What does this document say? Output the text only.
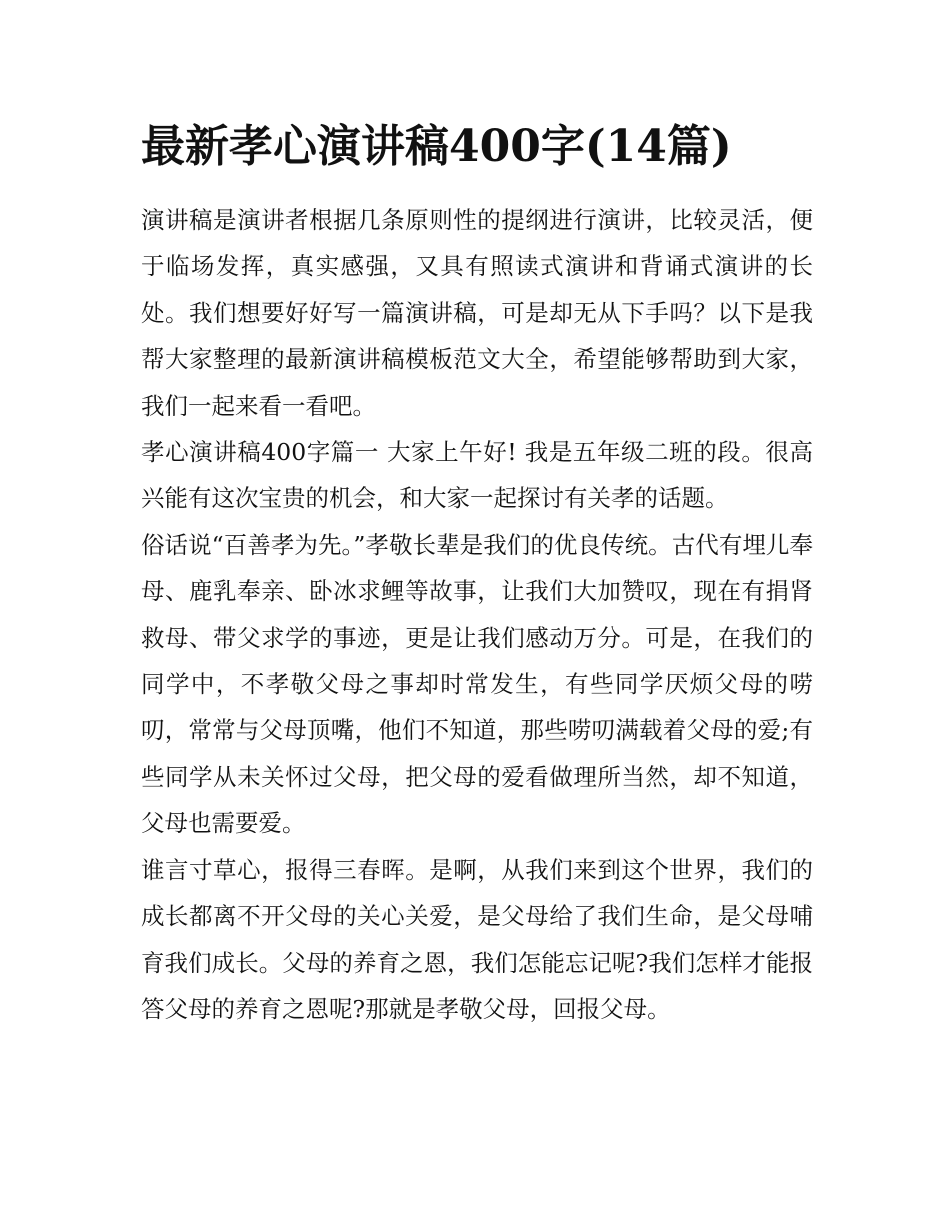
最新孝心演讲稿400字(14篇)

演讲稿是演讲者根据几条原则性的提纲进行演讲，比较灵活，便于临场发挥，真实感强，又具有照读式演讲和背诵式演讲的长处。我们想要好好写一篇演讲稿，可是却无从下手吗？以下是我帮大家整理的最新演讲稿模板范文大全，希望能够帮助到大家，我们一起来看一看吧。

孝心演讲稿400字篇一 大家上午好! 我是五年级二班的段。很高兴能有这次宝贵的机会，和大家一起探讨有关孝的话题。

俗话说“百善孝为先。”孝敬长辈是我们的优良传统。古代有埋儿奉母、鹿乳奉亲、卧冰求鲤等故事，让我们大加赞叹，现在有捐肾救母、带父求学的事迹，更是让我们感动万分。可是，在我们的同学中，不孝敬父母之事却时常发生，有些同学厌烦父母的唠叨，常常与父母顶嘴，他们不知道，那些唠叨满载着父母的爱;有些同学从未关怀过父母，把父母的爱看做理所当然，却不知道，父母也需要爱。

谁言寸草心，报得三春晖。是啊，从我们来到这个世界，我们的成长都离不开父母的关心关爱，是父母给了我们生命，是父母哺育我们成长。父母的养育之恩，我们怎能忘记呢?我们怎样才能报答父母的养育之恩呢?那就是孝敬父母，回报父母。
